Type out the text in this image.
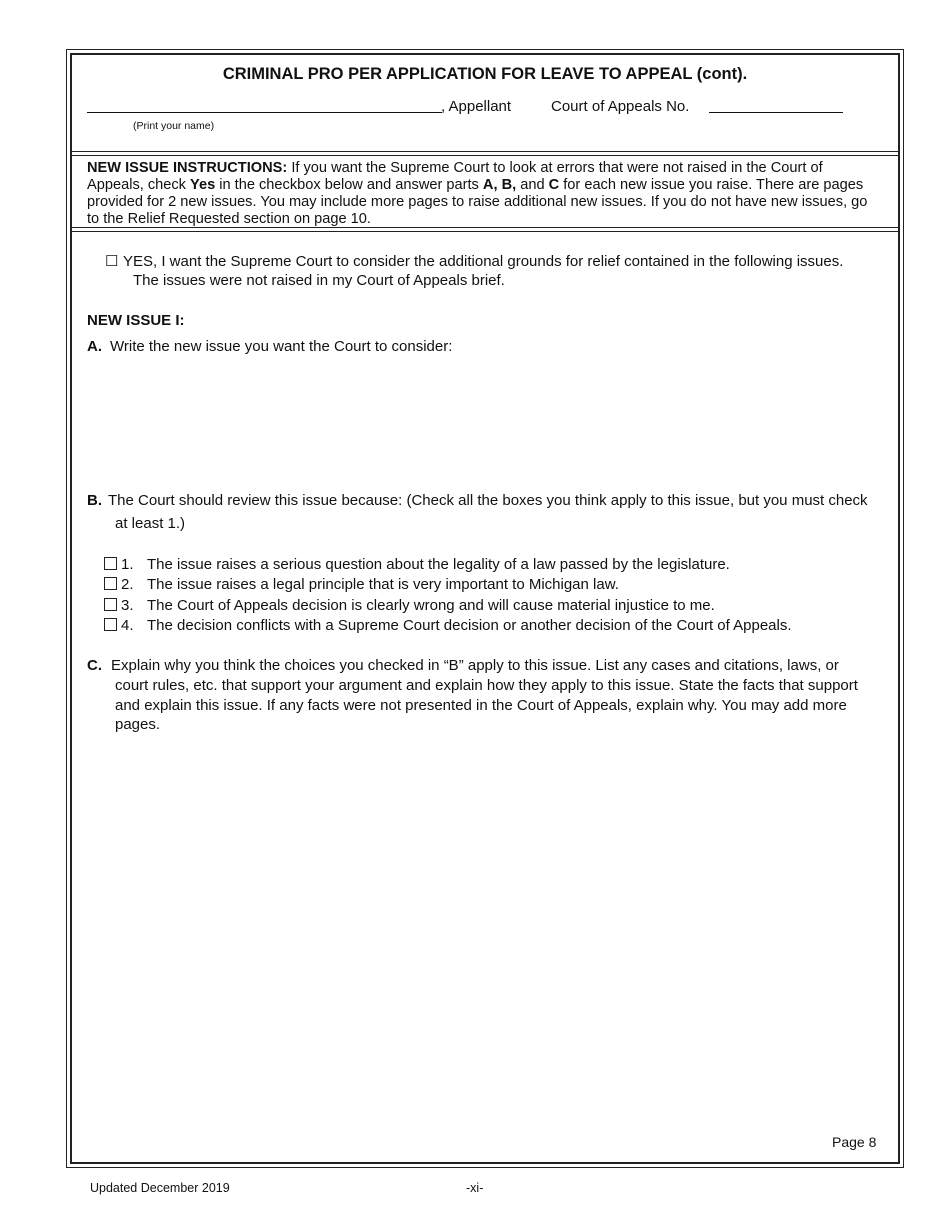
CRIMINAL PRO PER APPLICATION FOR LEAVE TO APPEAL (cont).
, Appellant	Court of Appeals No.
(Print your name)
NEW ISSUE INSTRUCTIONS: If you want the Supreme Court to look at errors that were not raised in the Court of Appeals, check Yes in the checkbox below and answer parts A, B, and C for each new issue you raise. There are pages provided for 2 new issues. You may include more pages to raise additional new issues. If you do not have new issues, go to the Relief Requested section on page 10.
☐ YES, I want the Supreme Court to consider the additional grounds for relief contained in the following issues.
The issues were not raised in my Court of Appeals brief.
NEW ISSUE I:
A. Write the new issue you want the Court to consider:
B. The Court should review this issue because: (Check all the boxes you think apply to this issue, but you must check
at least 1.)
1. The issue raises a serious question about the legality of a law passed by the legislature.
2. The issue raises a legal principle that is very important to Michigan law.
3. The Court of Appeals decision is clearly wrong and will cause material injustice to me.
4. The decision conflicts with a Supreme Court decision or another decision of the Court of Appeals.
C. Explain why you think the choices you checked in “B” apply to this issue. List any cases and citations, laws, or
court rules, etc. that support your argument and explain how they apply to this issue. State the facts that support
and explain this issue. If any facts were not presented in the Court of Appeals, explain why. You may add more
pages.
Page 8
Updated December 2019	-xi-
